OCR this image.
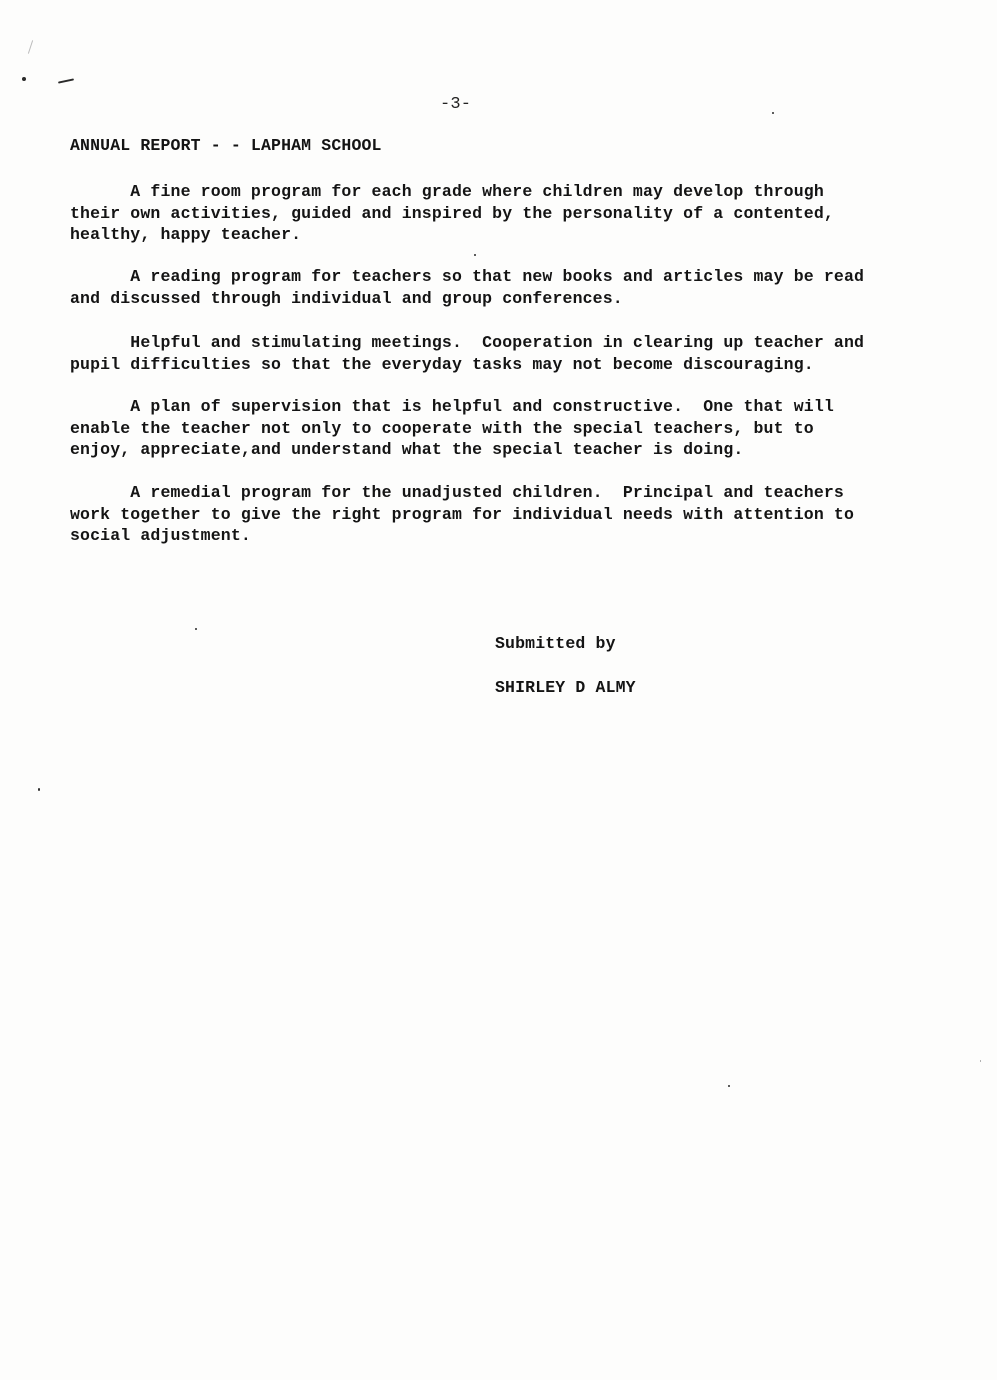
-3-
ANNUAL REPORT - - LAPHAM SCHOOL
A fine room program for each grade where children may develop through
their own activities, guided and inspired by the personality of a contented,
healthy, happy teacher.
A reading program for teachers so that new books and articles may be read
and discussed through individual and group conferences.
Helpful and stimulating meetings.  Cooperation in clearing up teacher and
pupil difficulties so that the everyday tasks may not become discouraging.
A plan of supervision that is helpful and constructive.  One that will
enable the teacher not only to cooperate with the special teachers, but to
enjoy, appreciate,and understand what the special teacher is doing.
A remedial program for the unadjusted children.  Principal and teachers
work together to give the right program for individual needs with attention to
social adjustment.
Submitted by
SHIRLEY D ALMY
